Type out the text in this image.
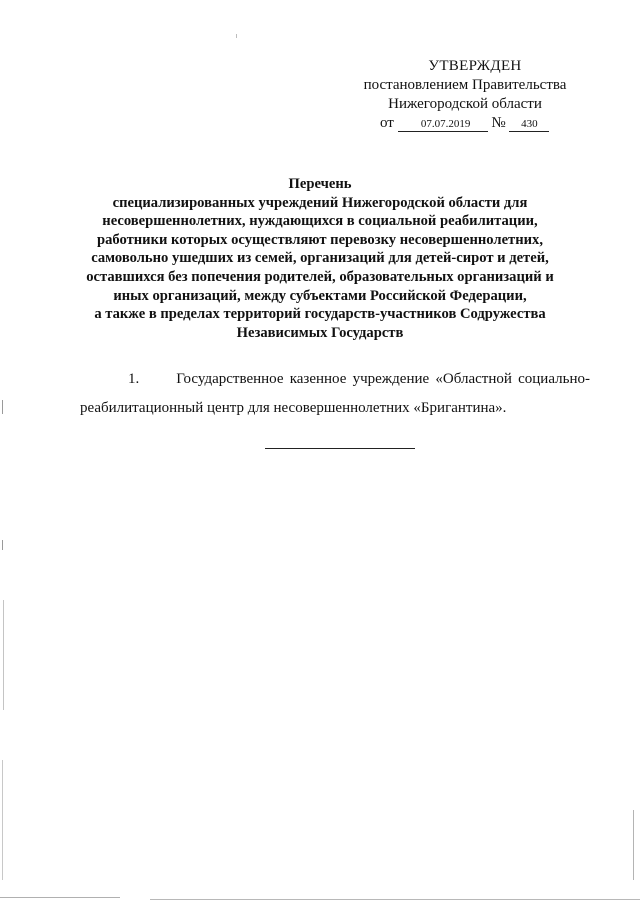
УТВЕРЖДЕН
постановлением Правительства
Нижегородской области
от 07.07.2019 № 430
Перечень
специализированных учреждений Нижегородской области для
несовершеннолетних, нуждающихся в социальной реабилитации,
работники которых осуществляют перевозку несовершеннолетних,
самовольно ушедших из семей, организаций для детей-сирот и детей,
оставшихся без попечения родителей, образовательных организаций и
иных организаций, между субъектами Российской Федерации,
а также в пределах территорий государств-участников Содружества
Независимых Государств
1.	Государственное казенное учреждение «Областной социально-
реабилитационный центр для несовершеннолетних «Бригантина».
